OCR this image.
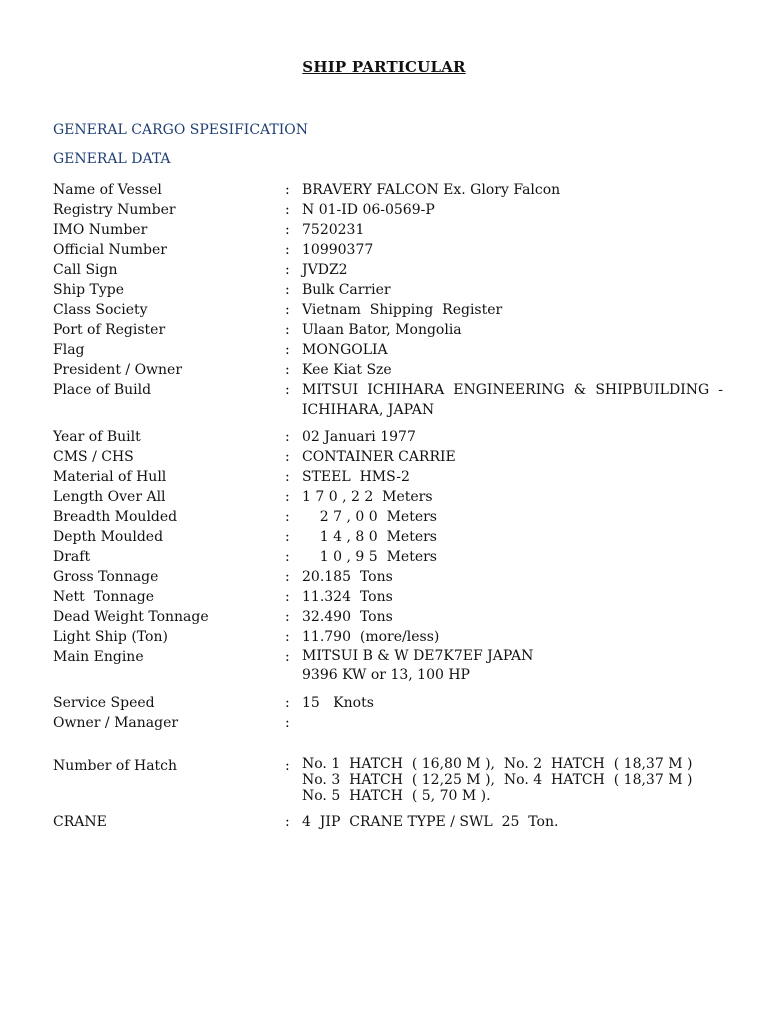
SHIP PARTICULAR
GENERAL CARGO SPESIFICATION
GENERAL DATA
Name of Vessel	: BRAVERY FALCON Ex. Glory Falcon
Registry Number	: N 01-ID 06-0569-P
IMO Number	: 7520231
Official Number	: 10990377
Call Sign	: JVDZ2
Ship Type	: Bulk Carrier
Class Society	: Vietnam  Shipping  Register
Port of Register	: Ulaan Bator, Mongolia
Flag	: MONGOLIA
President / Owner	: Kee Kiat Sze
Place of Build	: MITSUI ICHIHARA ENGINEERING & SHIPBUILDING - ICHIHARA, JAPAN
Year of Built	: 02 Januari 1977
CMS / CHS	: CONTAINER CARRIE
Material of Hull	: STEEL  HMS-2
Length Over All	: 1 7 0 , 2 2  Meters
Breadth Moulded	: 2 7 , 0 0  Meters
Depth Moulded	: 1 4 , 8 0  Meters
Draft	: 1 0 , 9 5  Meters
Gross Tonnage	: 20.185  Tons
Nett  Tonnage	: 11.324  Tons
Dead Weight Tonnage	: 32.490  Tons
Light Ship (Ton)	: 11.790  (more/less)
Main Engine	: MITSUI B & W DE7K7EF JAPAN
9396 KW or 13, 100 HP
Service Speed	: 15   Knots
Owner / Manager	:
Number of Hatch	: No. 1  HATCH  ( 16,80 M ),  No. 2  HATCH  ( 18,37 M )
No. 3  HATCH  ( 12,25 M ),  No. 4  HATCH  ( 18,37 M )
No. 5  HATCH  ( 5, 70 M ).
CRANE	: 4  JIP  CRANE TYPE / SWL  25  Ton.
